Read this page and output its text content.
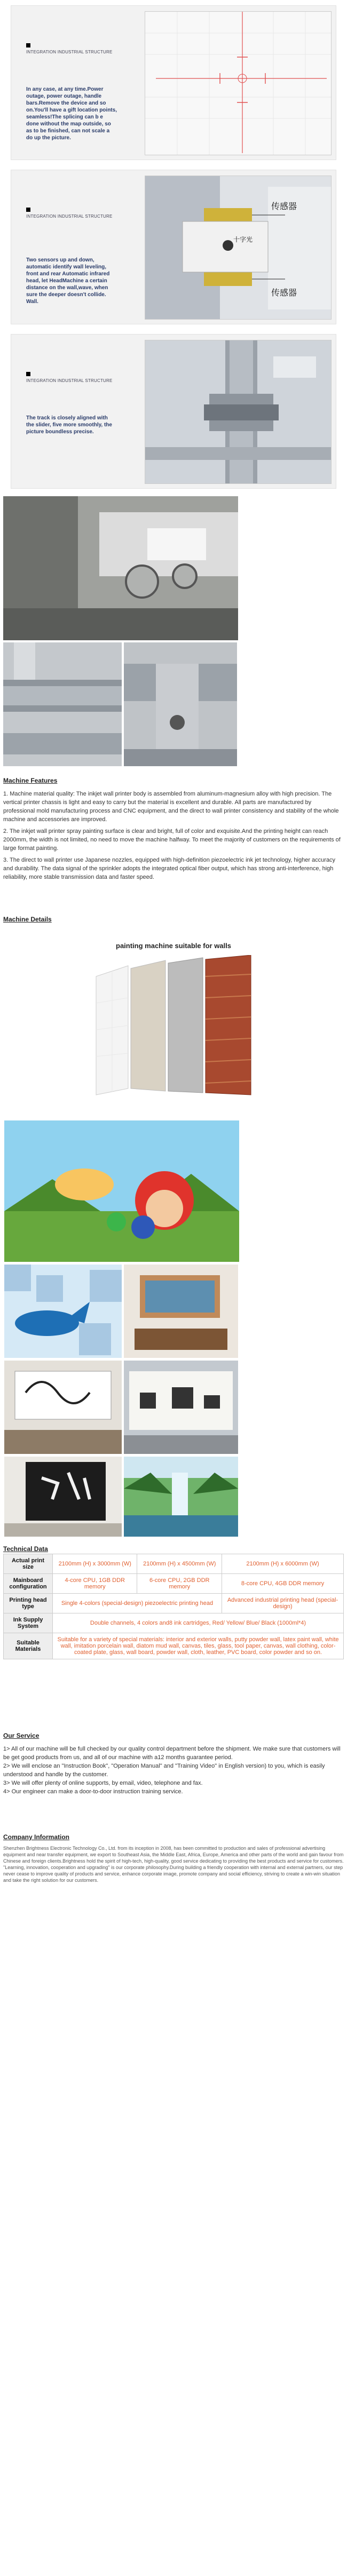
INTEGRATION INDUSTRIAL STRUCTURE
In any case, at any time.Power outage, power outage, handle bars.Remove the device and so on.You'll have a gift location points, seamless!The splicing can b e done without the map outside, so as to be finished, can not scale a do up the picture.
INTEGRATION INDUSTRIAL STRUCTURE
Two sensors up and down, automatic identify wall leveling, front and rear Automatic infrared head, let HeadMachine a certain distance on the wall,wave, when sure the deeper doesn't collide. Wall.
传感器
十字光
传感器
INTEGRATION INDUSTRIAL STRUCTURE
The track is closely aligned with the slider, five more smoothly, the picture boundless precise.
Machine Features

1. Machine material quality: The inkjet wall printer body is assembled from aluminum-magnesium alloy with high precision. The vertical printer chassis is light and easy to carry but the material is excellent and durable. All parts are manufactured by professional mold manufacturing process and CNC equipment, and the direct to wall printer consistency and stability of the whole machine and accessories are improved.

2. The inkjet wall printer spray painting surface is clear and bright, full of color and exquisite.And the printing height can reach 2000mm, the width is not limited, no need to move the machine halfway. To meet the majority of customers on the requirements of large format painting.

3. The direct to wall printer use Japanese nozzles, equipped with high-definition piezoelectric ink jet technology, higher accuracy and durability. The data signal of the sprinkler adopts the integrated optical fiber output, which has strong anti-interference, high reliability, more stable transmission data and faster speed.

Machine Details
painting machine suitable for walls
Technical Data
Actual print size	2100mm (H) x 3000mm (W)	2100mm (H) x 4500mm (W)	2100mm (H) x 6000mm (W)
Mainboard configuration	4-core CPU, 1GB DDR memory	6-core CPU, 2GB DDR memory	8-core CPU, 4GB DDR memory
Printing head type	Single 4-colors (special-design) piezoelectric printing head		Advanced industrial printing head (special-design)
Ink Supply System	Double channels, 4 colors and8 ink cartridges, Red/ Yellow/ Blue/ Black (1000ml*4)		
Suitable Materials	Suitable for a variety of special materials: interior and exterior walls, putty powder wall, latex paint wall, white wall, imitation porcelain wall, diatom mud wall, canvas, tiles, glass, tool paper, canvas, wall clothing, color-coated plate, glass, wall board, powder wall, cloth, leather, PVC board, color powder and so on.		
Our Service

1> All of our machine will be full checked by our quality control department before the shipment. We make sure that customers will be get good products from us, and all of our machine with a12 months guarantee period.

2> We will enclose an "Instruction Book", "Operation Manual" and "Training Video" in English version) to you, which is easily understood and handle by the customer.

3> We will offer plenty of online supports, by email, video, telephone and fax.

4> Our engineer can make a door-to-door instruction training service.

Company Information
Shenzhen Brightness Electronic Technology Co., Ltd. from its inception in 2008, has been committed to production and sales of professional advertising equipment and near transfer equipment, we export to Southeast Asia, the Middle East, Africa, Europe, America and other parts of the world and gain favour from Chinese and foreign clients.Brightness hold the spirit of high-tech, high-quality, good service dedicating to providing the best products and service for customers. "Learning, innovation, cooperation and upgrading" is our corporate philosophy.During building a friendly cooperation with internal and external partners, our step never cease to improve quality of products and service, enhance corporate image, promote company and social efficiency, striving to create a win-win situation and take the right solution for our customers.
